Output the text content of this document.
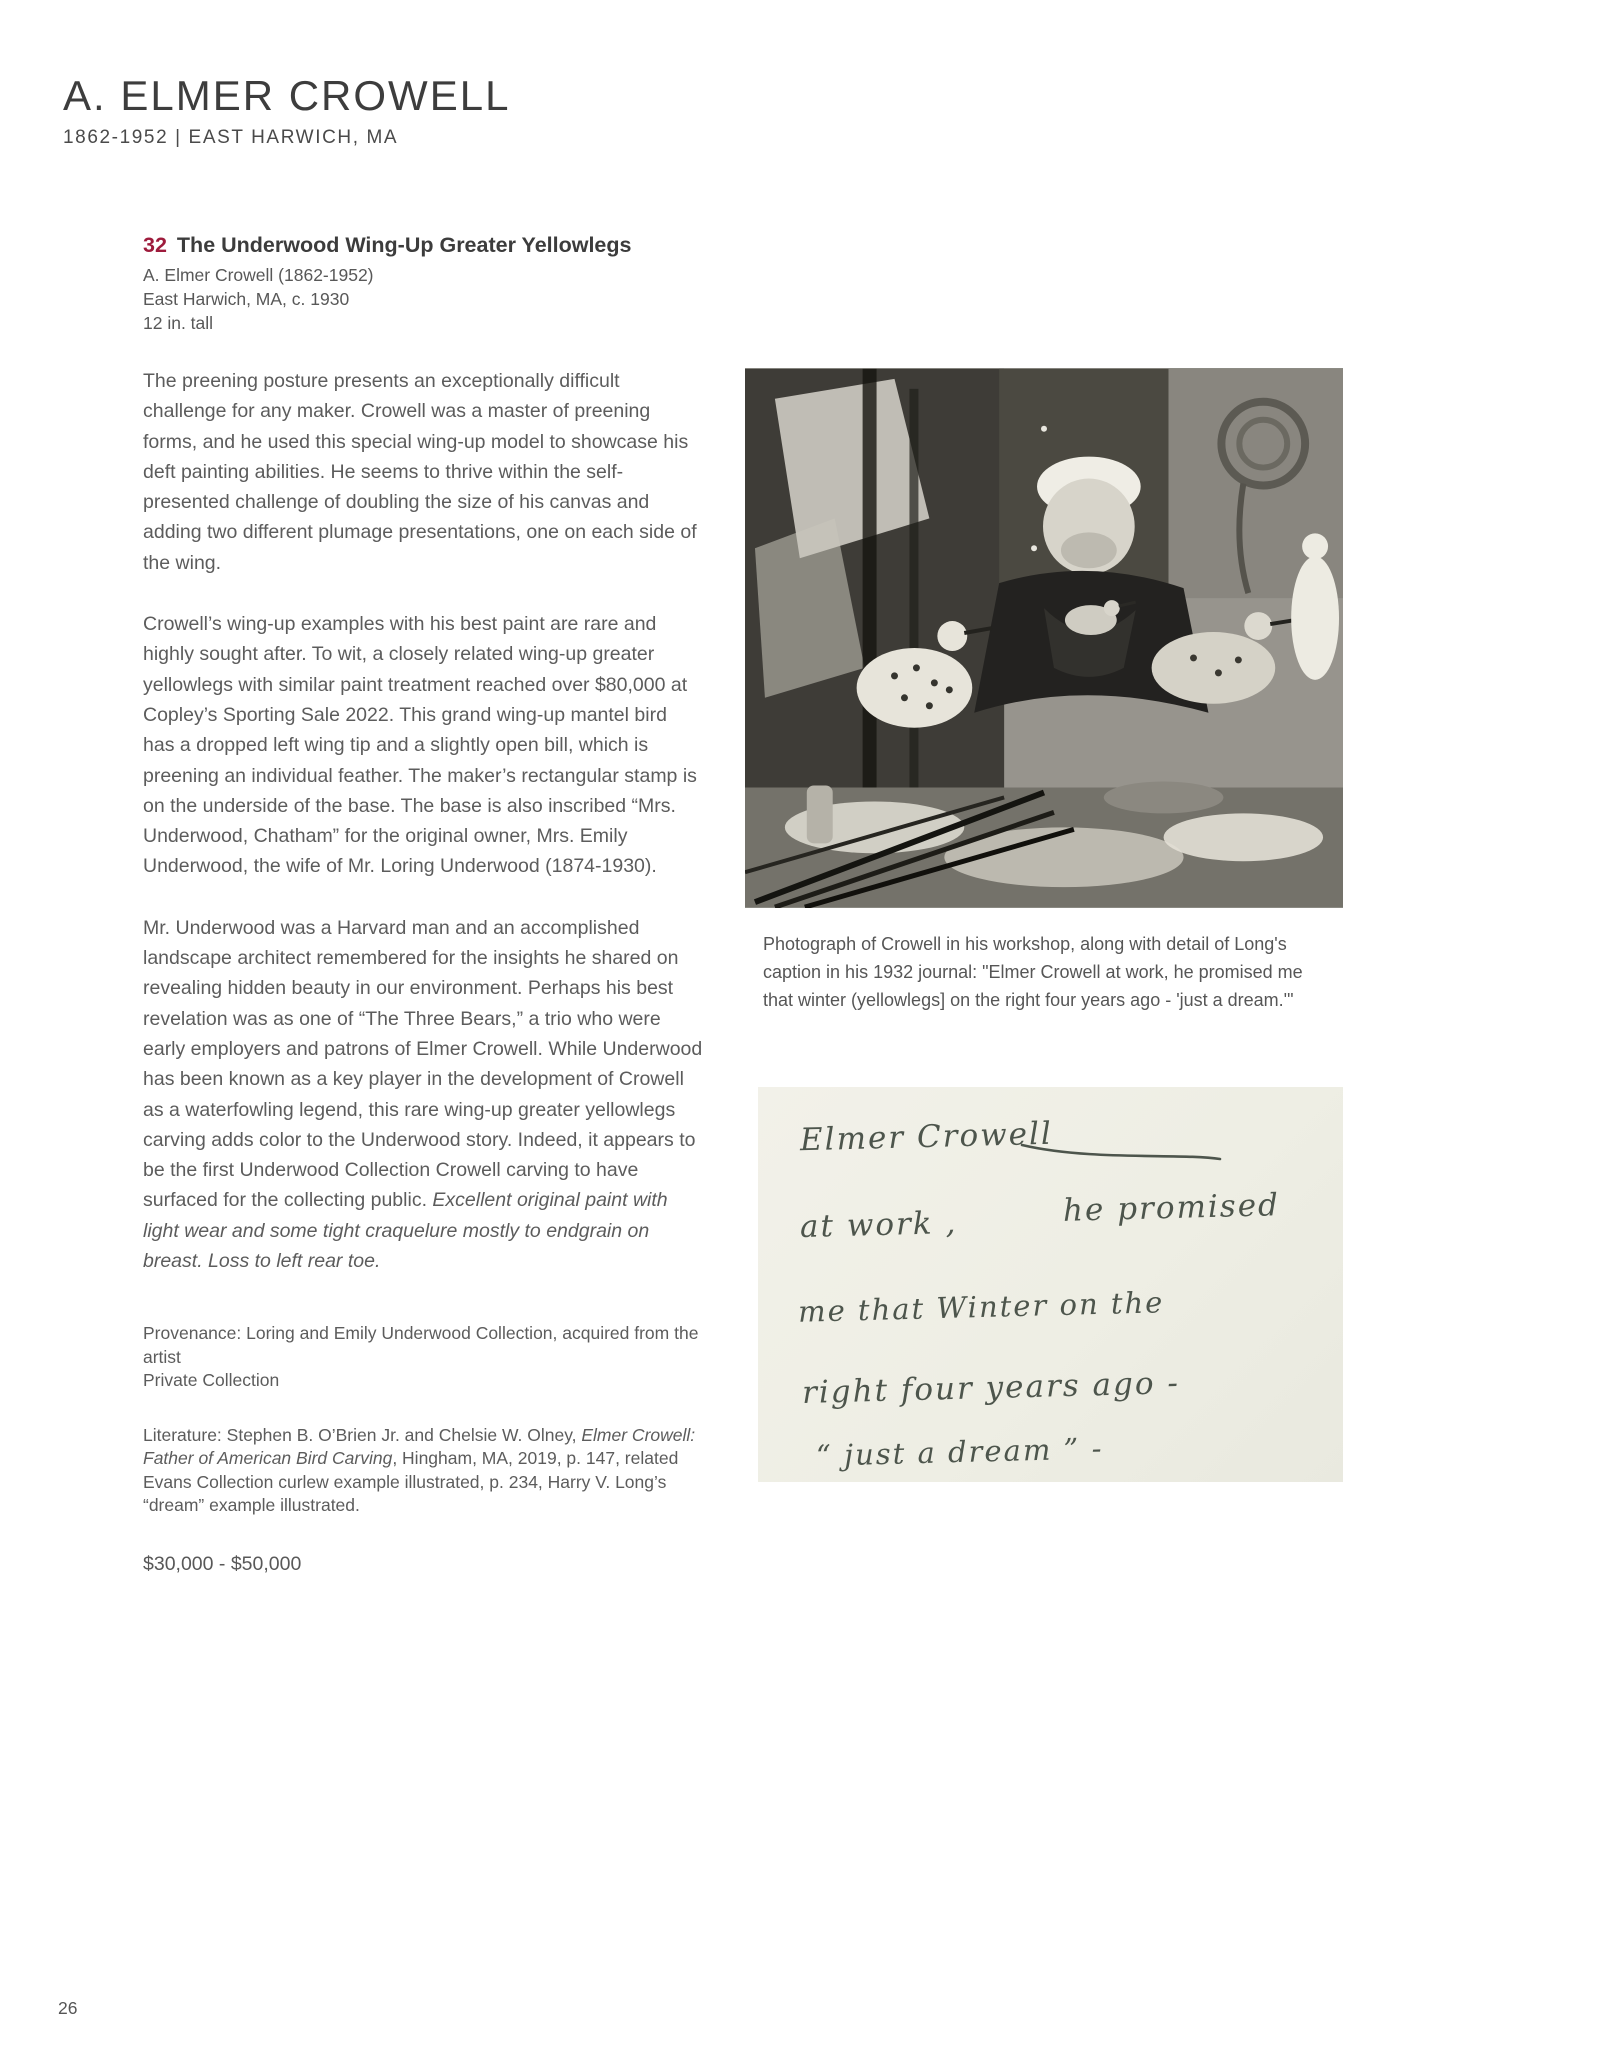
A. ELMER CROWELL
1862-1952 | EAST HARWICH, MA
32 The Underwood Wing-Up Greater Yellowlegs
A. Elmer Crowell (1862-1952)
East Harwich, MA, c. 1930
12 in. tall

The preening posture presents an exceptionally difficult challenge for any maker. Crowell was a master of preening forms, and he used this special wing-up model to showcase his deft painting abilities. He seems to thrive within the self-presented challenge of doubling the size of his canvas and adding two different plumage presentations, one on each side of the wing.

Crowell’s wing-up examples with his best paint are rare and highly sought after. To wit, a closely related wing-up greater yellowlegs with similar paint treatment reached over $80,000 at Copley’s Sporting Sale 2022. This grand wing-up mantel bird has a dropped left wing tip and a slightly open bill, which is preening an individual feather. The maker’s rectangular stamp is on the underside of the base. The base is also inscribed “Mrs. Underwood, Chatham” for the original owner, Mrs. Emily Underwood, the wife of Mr. Loring Underwood (1874-1930).

Mr. Underwood was a Harvard man and an accomplished landscape architect remembered for the insights he shared on revealing hidden beauty in our environment. Perhaps his best revelation was as one of “The Three Bears,” a trio who were early employers and patrons of Elmer Crowell. While Underwood has been known as a key player in the development of Crowell as a waterfowling legend, this rare wing-up greater yellowlegs carving adds color to the Underwood story. Indeed, it appears to be the first Underwood Collection Crowell carving to have surfaced for the collecting public. Excellent original paint with light wear and some tight craquelure mostly to endgrain on breast. Loss to left rear toe.

Provenance: Loring and Emily Underwood Collection, acquired from the artist
Private Collection

Literature: Stephen B. O’Brien Jr. and Chelsie W. Olney, Elmer Crowell: Father of American Bird Carving, Hingham, MA, 2019, p. 147, related Evans Collection curlew example illustrated, p. 234, Harry V. Long’s “dream” example illustrated.

$30,000 - $50,000

Photograph of Crowell in his workshop, along with detail of Long's caption in his 1932 journal: "Elmer Crowell at work, he promised me that winter (yellowlegs] on the right four years ago - 'just a dream.'"
Elmer Crowell
at work ,	he promised
me that Winter on the
right four years ago -
“ just a dream ” -
26
